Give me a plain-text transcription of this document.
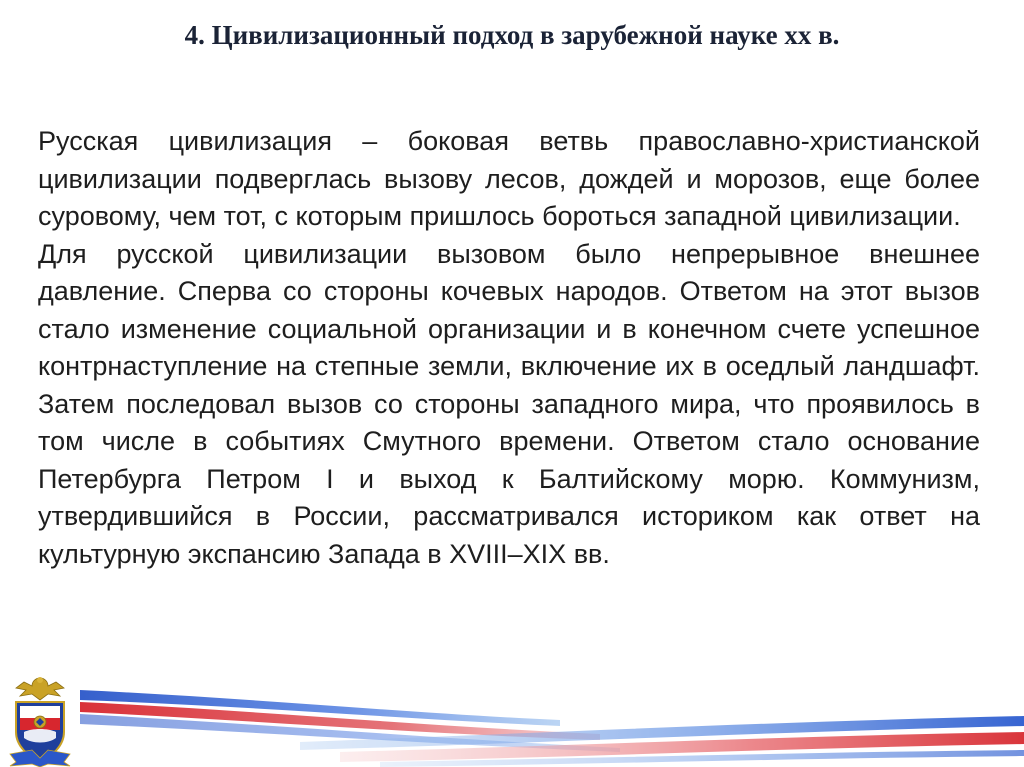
4. Цивилизационный подход в зарубежной науке хх в.

Русская цивилизация – боковая ветвь православно-христианской цивилизации подверглась вызову лесов, дождей и морозов, еще более суровому, чем тот, с которым пришлось бороться западной цивилизации.

Для русской цивилизации вызовом было непрерывное внешнее давление. Сперва со стороны кочевых народов. Ответом на этот вызов стало изменение социальной организации и в конечном счете успешное контрнаступление на степные земли, включение их в оседлый ландшафт. Затем последовал вызов со стороны западного мира, что проявилось в том числе в событиях Смутного времени. Ответом стало основание Петербурга Петром I и выход к Балтийскому морю. Коммунизм, утвердившийся в России, рассматривался историком как ответ на культурную экспансию Запада в XVIII–XIX вв.
